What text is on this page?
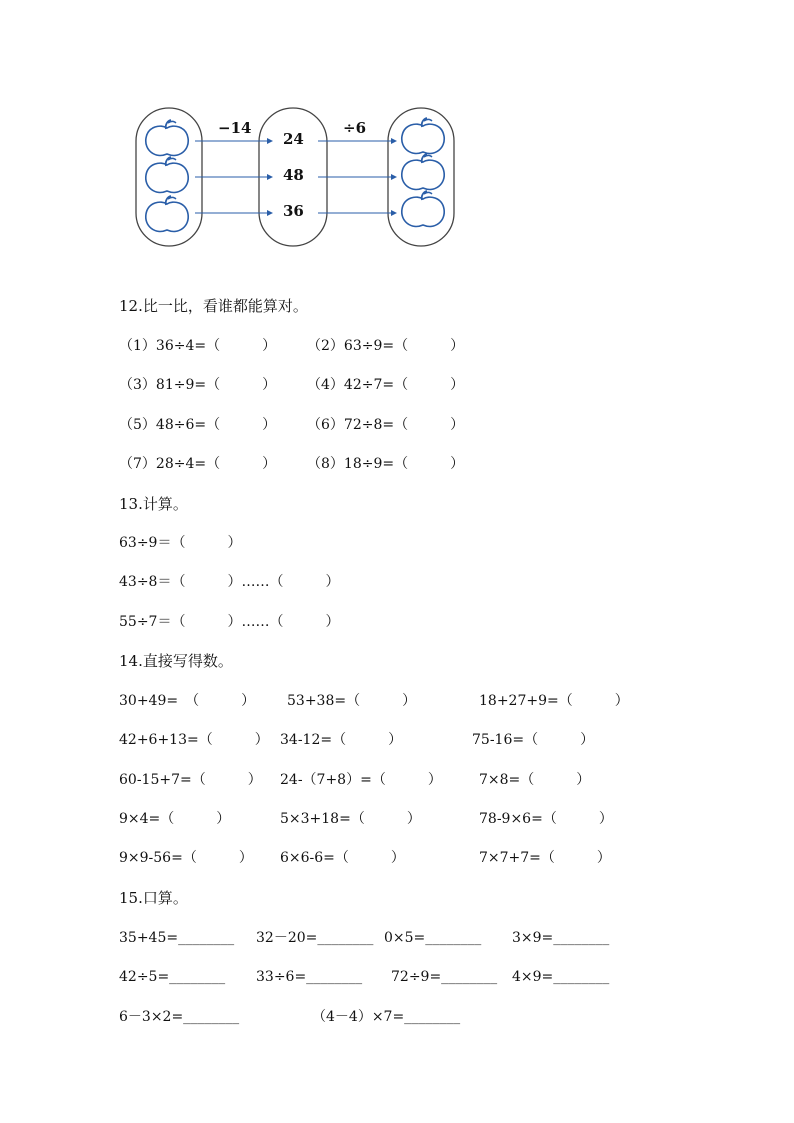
−14	÷6
24
48
36
12.比一比，看谁都能算对。
（1）36÷4=（　　　） （2）63÷9=（　　　）
（3）81÷9=（　　　） （4）42÷7=（　　　）
（5）48÷6=（　　　） （6）72÷8=（　　　）
（7）28÷4=（　　　） （8）18÷9=（　　　）
13.计算。
63÷9＝（　　　）
43÷8＝（　　　）……（　　　）
55÷7＝（　　　）……（　　　）
14.直接写得数。
30+49=　（　　　） 53+38=（　　　）	18+27+9=（　　　）
42+6+13=（　　　） 34-12=（　　　）	75-16=（　　　）
60-15+7=（　　　） 24-（7+8）=（　　　）	7×8=（　　　）
9×4=（　　　）	5×3+18=（　　　）	78-9×6=（　　　）
9×9-56=（　　　） 6×6-6=（　　　）	7×7+7=（　　　）
15.口算。
35+45=________ 32－20=________ 0×5=________ 3×9=________
42÷5=________ 33÷6=________ 72÷9=________ 4×9=________
6－3×2=________	（4－4）×7=________
